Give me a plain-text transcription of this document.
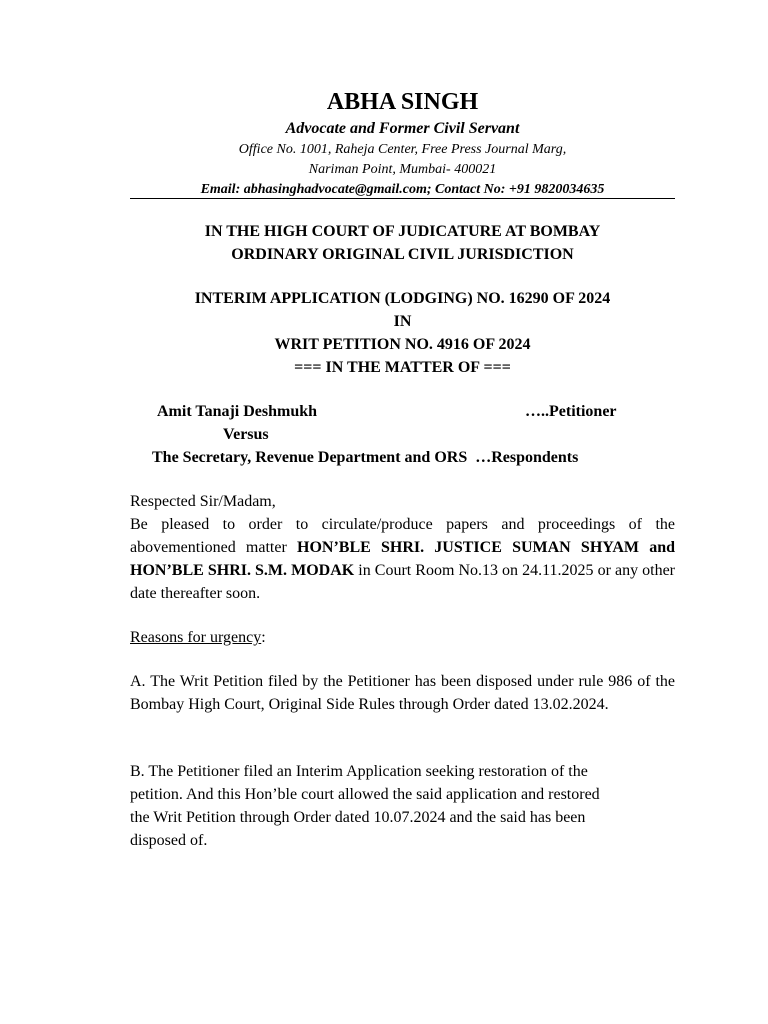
ABHA SINGH
Advocate and Former Civil Servant
Office No. 1001, Raheja Center, Free Press Journal Marg,
Nariman Point, Mumbai- 400021
Email: abhasinghadvocate@gmail.com; Contact No: +91 9820034635
IN THE HIGH COURT OF JUDICATURE AT BOMBAY
ORDINARY ORIGINAL CIVIL JURISDICTION
INTERIM APPLICATION (LODGING) NO. 16290 OF 2024
IN
WRIT PETITION NO. 4916 OF 2024
=== IN THE MATTER OF ===
Amit Tanaji Deshmukh	…..Petitioner
Versus
The Secretary, Revenue Department and ORS  …Respondents
Respected Sir/Madam,
Be pleased to order to circulate/produce papers and proceedings of the abovementioned matter HON’BLE SHRI. JUSTICE SUMAN SHYAM and HON’BLE SHRI. S.M. MODAK in Court Room No.13 on 24.11.2025 or any other date thereafter soon.
Reasons for urgency:
A. The Writ Petition filed by the Petitioner has been disposed under rule 986 of the Bombay High Court, Original Side Rules through Order dated 13.02.2024.
B. The Petitioner filed an Interim Application seeking restoration of the
petition. And this Hon’ble court allowed the said application and restored
the Writ Petition through Order dated 10.07.2024 and the said has been
disposed of.
